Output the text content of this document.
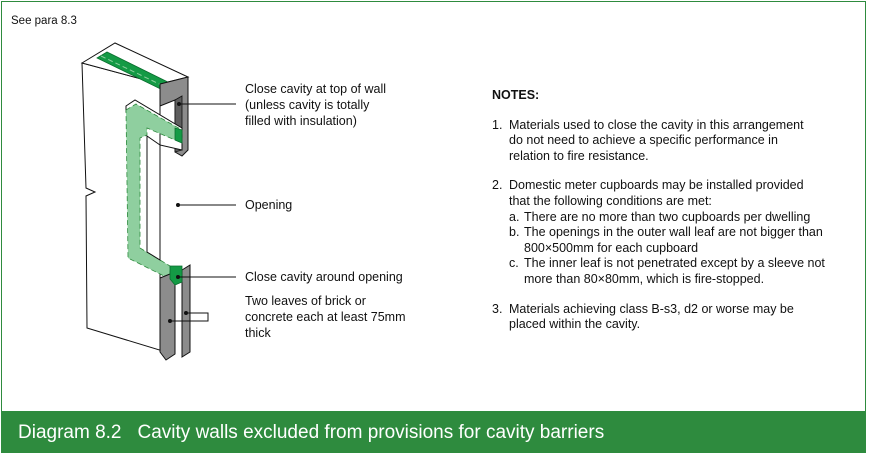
See para 8.3
Close cavity at top of wall
(unless cavity is totally
filled with insulation)
Opening
Close cavity around opening
Two leaves of brick or
concrete each at least 75mm
thick
NOTES:
1. Materials used to close the cavity in this arrangement
do not need to achieve a specific performance in
relation to fire resistance.
2. Domestic meter cupboards may be installed provided
that the following conditions are met:
a. There are no more than two cupboards per dwelling
b. The openings in the outer wall leaf are not bigger than
800×500mm for each cupboard
c. The inner leaf is not penetrated except by a sleeve not
more than 80×80mm, which is fire-stopped.
3. Materials achieving class B-s3, d2 or worse may be
placed within the cavity.
Diagram 8.2 Cavity walls excluded from provisions for cavity barriers
